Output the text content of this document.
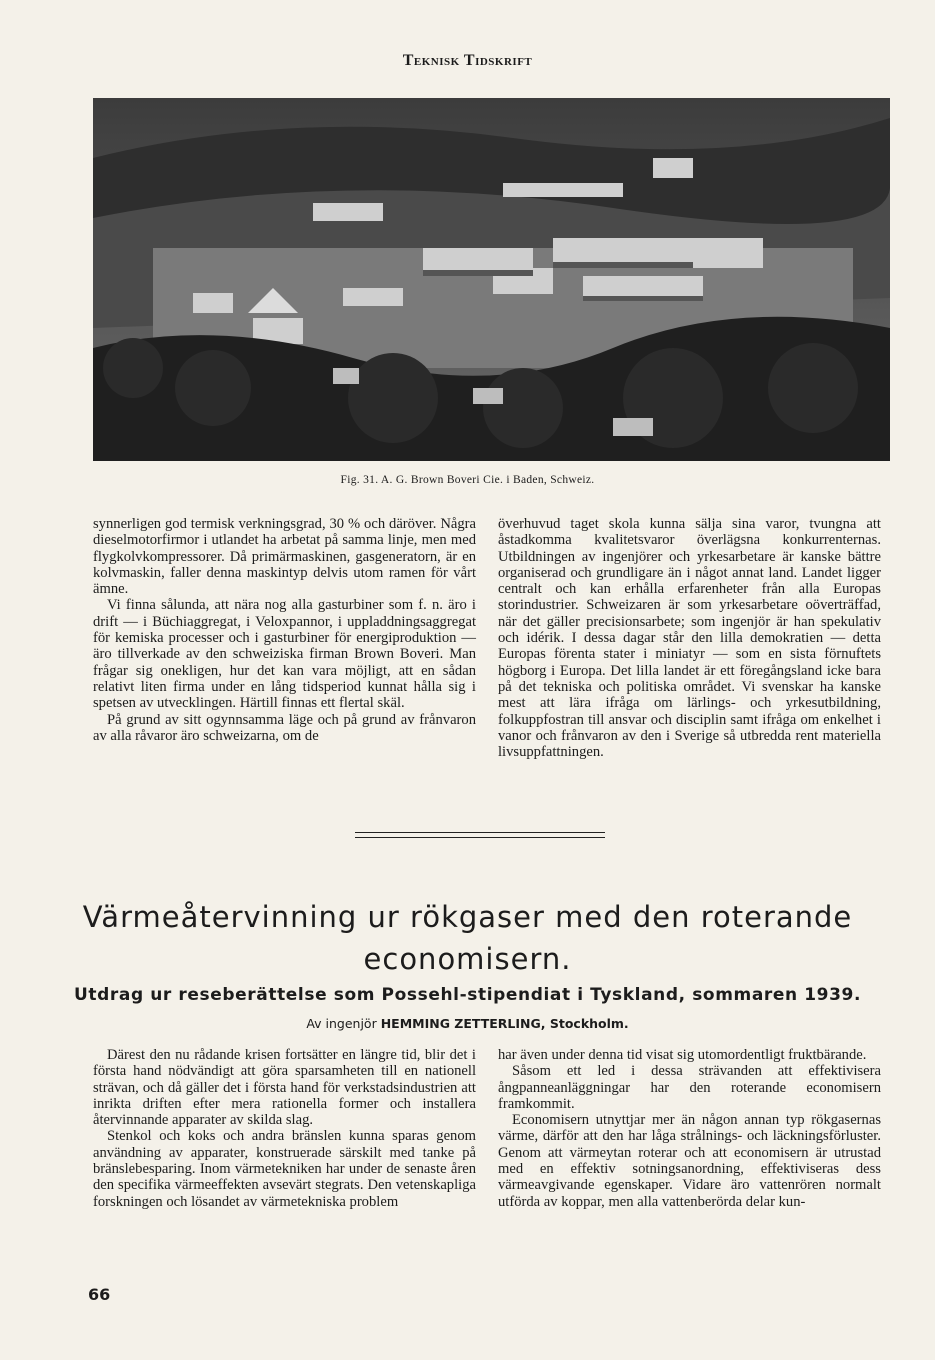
Teknisk Tidskrift
Fig. 31. A. G. Brown Boveri Cie. i Baden, Schweiz.

synnerligen god termisk verkningsgrad, 30 % och däröver. Några dieselmotorfirmor i utlandet ha arbetat på samma linje, men med flygkolvkompressorer. Då primärmaskinen, gasgeneratorn, är en kolvmaskin, faller denna maskintyp delvis utom ramen för vårt ämne.

Vi finna sålunda, att nära nog alla gasturbiner som f. n. äro i drift — i Büchiaggregat, i Veloxpannor, i uppladdningsaggregat för kemiska processer och i gasturbiner för energiproduktion — äro tillverkade av den schweiziska firman Brown Boveri. Man frågar sig onekligen, hur det kan vara möjligt, att en sådan relativt liten firma under en lång tidsperiod kunnat hålla sig i spetsen av utvecklingen. Härtill finnas ett flertal skäl.

På grund av sitt ogynnsamma läge och på grund av frånvaron av alla råvaror äro schweizarna, om de

överhuvud taget skola kunna sälja sina varor, tvungna att åstadkomma kvalitetsvaror överlägsna konkurrenternas. Utbildningen av ingenjörer och yrkesarbetare är kanske bättre organiserad och grundligare än i något annat land. Landet ligger centralt och kan erhålla erfarenheter från alla Europas storindustrier. Schweizaren är som yrkesarbetare oöverträffad, när det gäller precisionsarbete; som ingenjör är han spekulativ och idérik. I dessa dagar står den lilla demokratien — detta Europas förenta stater i miniatyr — som en sista förnuftets högborg i Europa. Det lilla landet är ett föregångsland icke bara på det tekniska och politiska området. Vi svenskar ha kanske mest att lära ifråga om lärlings- och yrkesutbildning, folkuppfostran till ansvar och disciplin samt ifråga om enkelhet i vanor och frånvaron av den i Sverige så utbredda rent materiella livsuppfattningen.

Värmeåtervinning ur rökgaser med den roterande economisern.
Utdrag ur reseberättelse som Possehl-stipendiat i Tyskland, sommaren 1939.
Av ingenjör HEMMING ZETTERLING, Stockholm.

Därest den nu rådande krisen fortsätter en längre tid, blir det i första hand nödvändigt att göra sparsamheten till en nationell strävan, och då gäller det i första hand för verkstadsindustrien att inrikta driften efter mera rationella former och installera återvinnande apparater av skilda slag.

Stenkol och koks och andra bränslen kunna sparas genom användning av apparater, konstruerade särskilt med tanke på bränslebesparing. Inom värmetekniken har under de senaste åren den specifika värmeeffekten avsevärt stegrats. Den vetenskapliga forskningen och lösandet av värmetekniska problem

har även under denna tid visat sig utomordentligt fruktbärande.

Såsom ett led i dessa strävanden att effektivisera ångpanneanläggningar har den roterande economisern framkommit.

Economisern utnyttjar mer än någon annan typ rökgasernas värme, därför att den har låga strålnings- och läckningsförluster. Genom att värmeytan roterar och att economisern är utrustad med en effektiv sotningsanordning, effektiviseras dess värmeavgivande egenskaper. Vidare äro vattenrören normalt utförda av koppar, men alla vattenberörda delar kun-

66
